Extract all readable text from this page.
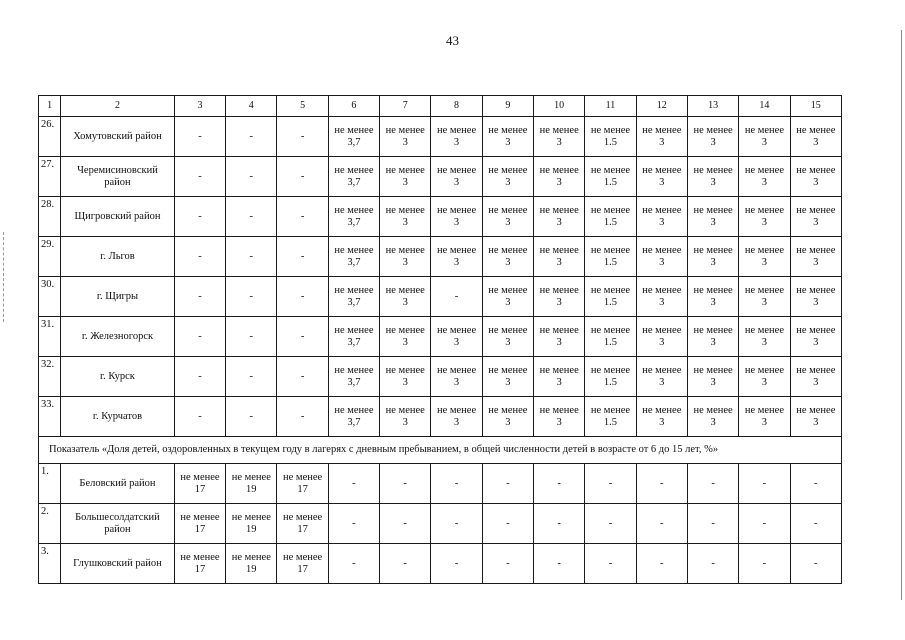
43
1	2	3	4	5	6	7	8	9	10	11	12	13	14	15
26.	Хомутовский район	-	-	-	не менее
3,7	не менее
3	не менее
3	не менее
3	не менее
3	не менее
1.5	не менее
3	не менее
3	не менее
3	не менее
3

27.	Черемисиновский
район	-	-	-	не менее
3,7	не менее
3	не менее
3	не менее
3	не менее
3	не менее
1.5	не менее
3	не менее
3	не менее
3	не менее
3

28.	Щигровский район	-	-	-	не менее
3,7	не менее
3	не менее
3	не менее
3	не менее
3	не менее
1.5	не менее
3	не менее
3	не менее
3	не менее
3

29.	г. Льгов	-	-	-	не менее
3,7	не менее
3	не менее
3	не менее
3	не менее
3	не менее
1.5	не менее
3	не менее
3	не менее
3	не менее
3

30.	г. Щигры	-	-	-	не менее
3,7	не менее
3	-	не менее
3	не менее
3	не менее
1.5	не менее
3	не менее
3	не менее
3	не менее
3

31.	г. Железногорск	-	-	-	не менее
3,7	не менее
3	не менее
3	не менее
3	не менее
3	не менее
1.5	не менее
3	не менее
3	не менее
3	не менее
3

32.	г. Курск	-	-	-	не менее
3,7	не менее
3	не менее
3	не менее
3	не менее
3	не менее
1.5	не менее
3	не менее
3	не менее
3	не менее
3

33.	г. Курчатов	-	-	-	не менее
3,7	не менее
3	не менее
3	не менее
3	не менее
3	не менее
1.5	не менее
3	не менее
3	не менее
3	не менее
3

Показатель «Доля детей, оздоровленных в текущем году в лагерях с дневным пребыванием, в общей численности детей в возрасте от 6 до 15 лет, %»														
1.	Беловский район	не менее
17	не менее
19	не менее
17	-	-	-	-	-	-	-	-	-	-

2.	Большесолдатский
район	не менее
17	не менее
19	не менее
17	-	-	-	-	-	-	-	-	-	-

3.	Глушковский район	не менее
17	не менее
19	не менее
17	-	-	-	-	-	-	-	-	-	-
